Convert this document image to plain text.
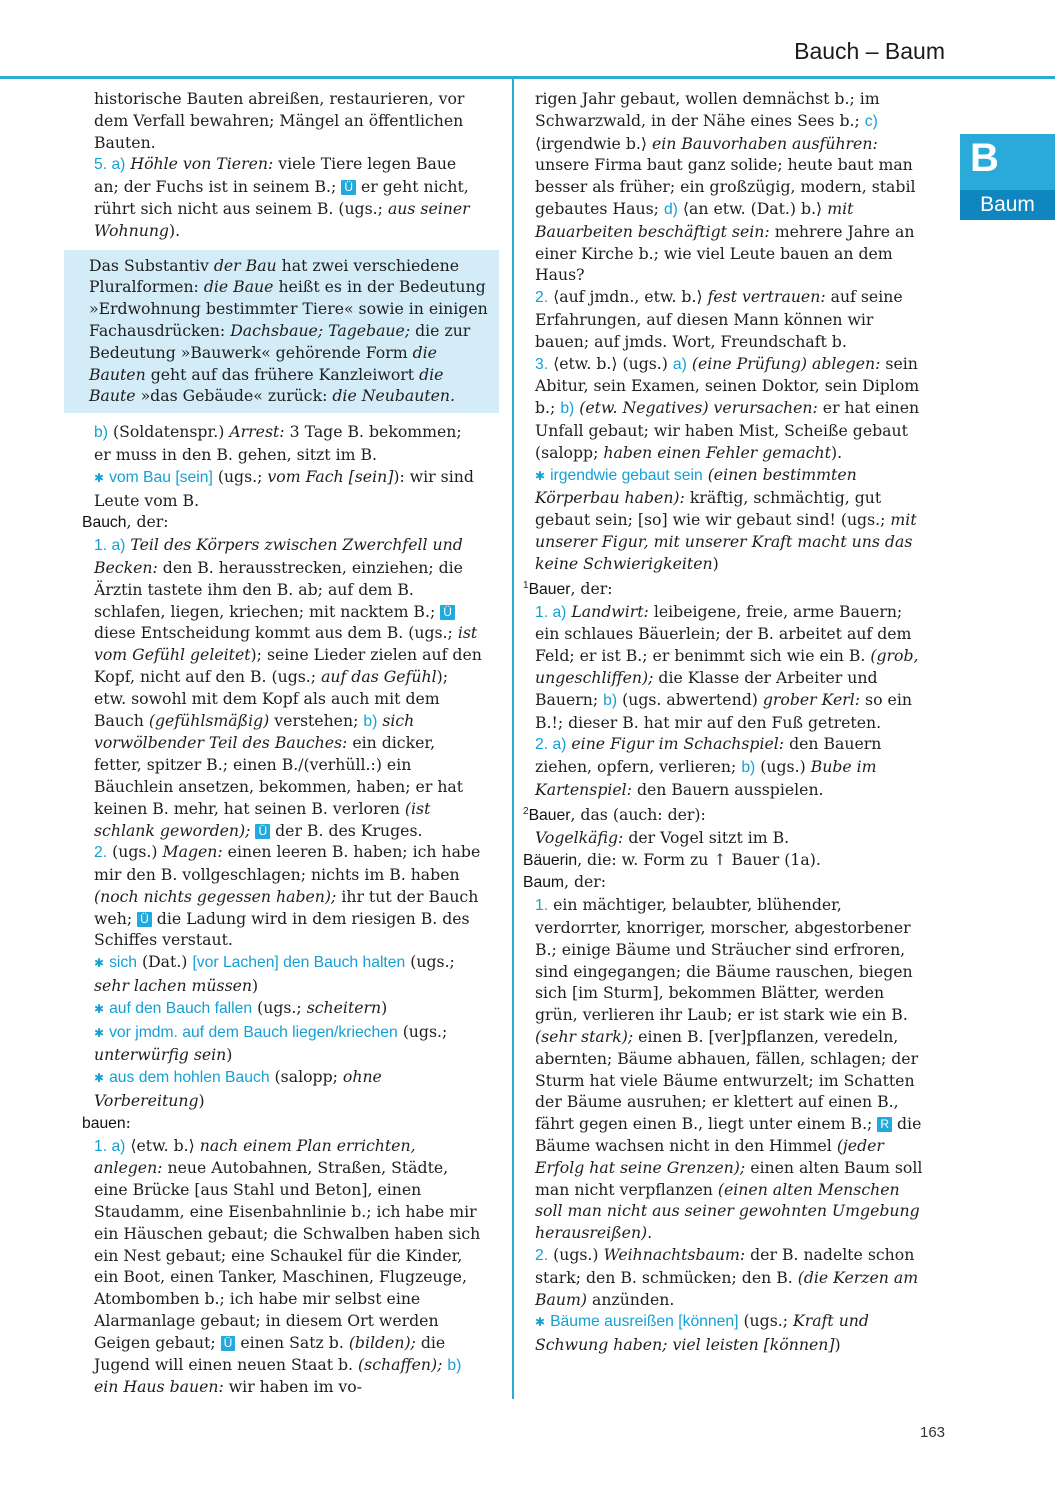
Bauch – Baum
B
Baum

historische Bauten abreißen, restaurieren, vor dem Verfall bewahren; Mängel an öffentlichen Bauten.
5. a) Höhle von Tieren: viele Tiere legen Baue an; der Fuchs ist in seinem B.; Ü er geht nicht, rührt sich nicht aus seinem B. (ugs.; aus seiner Wohnung).

Das Substantiv der Bau hat zwei verschiedene Pluralformen: die Baue heißt es in der Bedeutung »Erdwohnung bestimmter Tiere« sowie in einigen Fachausdrücken: Dachsbaue; Tagebaue; die zur Bedeutung »Bauwerk« gehörende Form die Bauten geht auf das frühere Kanzleiwort die Baute »das Gebäude« zurück: die Neubauten.

b) (Soldatenspr.) Arrest: 3 Tage B. bekommen; er muss in den B. gehen, sitzt im B.
✱ vom Bau [sein] (ugs.; vom Fach [sein]): wir sind Leute vom B.

Bauch, der:

1. a) Teil des Körpers zwischen Zwerchfell und Becken: den B. herausstrecken, einziehen; die Ärztin tastete ihm den B. ab; auf dem B. schlafen, liegen, kriechen; mit nacktem B.; Ü diese Entscheidung kommt aus dem B. (ugs.; ist vom Gefühl geleitet); seine Lieder zielen auf den Kopf, nicht auf den B. (ugs.; auf das Gefühl); etw. sowohl mit dem Kopf als auch mit dem Bauch (gefühlsmäßig) verstehen; b) sich vorwölbender Teil des Bauches: ein dicker, fetter, spitzer B.; einen B./(verhüll.:) ein Bäuchlein ansetzen, bekommen, haben; er hat keinen B. mehr, hat seinen B. verloren (ist schlank geworden); Ü der B. des Kruges.
2. (ugs.) Magen: einen leeren B. haben; ich habe mir den B. vollgeschlagen; nichts im B. haben (noch nichts gegessen haben); ihr tut der Bauch weh; Ü die Ladung wird in dem riesigen B. des Schiffes verstaut.
✱ sich (Dat.) [vor Lachen] den Bauch halten (ugs.; sehr lachen müssen)
✱ auf den Bauch fallen (ugs.; scheitern)
✱ vor jmdm. auf dem Bauch liegen/kriechen (ugs.; unterwürfig sein)
✱ aus dem hohlen Bauch (salopp; ohne Vorbereitung)

bauen:

1. a) ⟨etw. b.⟩ nach einem Plan errichten, anlegen: neue Autobahnen, Straßen, Städte, eine Brücke [aus Stahl und Beton], einen Staudamm, eine Eisenbahnlinie b.; ich habe mir ein Häuschen gebaut; die Schwalben haben sich ein Nest gebaut; eine Schaukel für die Kinder, ein Boot, einen Tanker, Maschinen, Flugzeuge, Atombomben b.; ich habe mir selbst eine Alarmanlage gebaut; in diesem Ort werden Geigen gebaut; Ü einen Satz b. (bilden); die Jugend will einen neuen Staat b. (schaffen); b) ein Haus bauen: wir haben im vo-

rigen Jahr gebaut, wollen demnächst b.; im Schwarzwald, in der Nähe eines Sees b.; c) ⟨irgendwie b.⟩ ein Bauvorhaben ausführen: unsere Firma baut ganz solide; heute baut man besser als früher; ein großzügig, modern, stabil gebautes Haus; d) ⟨an etw. (Dat.) b.⟩ mit Bauarbeiten beschäftigt sein: mehrere Jahre an einer Kirche b.; wie viel Leute bauen an dem Haus?
2. ⟨auf jmdn., etw. b.⟩ fest vertrauen: auf seine Erfahrungen, auf diesen Mann können wir bauen; auf jmds. Wort, Freundschaft b.
3. ⟨etw. b.⟩ (ugs.) a) (eine Prüfung) ablegen: sein Abitur, sein Examen, seinen Doktor, sein Diplom b.; b) (etw. Negatives) verursachen: er hat einen Unfall gebaut; wir haben Mist, Scheiße gebaut (salopp; haben einen Fehler gemacht).
✱ irgendwie gebaut sein (einen bestimmten Körperbau haben): kräftig, schmächtig, gut gebaut sein; [so] wie wir gebaut sind! (ugs.; mit unserer Figur, mit unserer Kraft macht uns das keine Schwierigkeiten)

$^1$Bauer, der:

1. a) Landwirt: leibeigene, freie, arme Bauern; ein schlaues Bäuerlein; der B. arbeitet auf dem Feld; er ist B.; er benimmt sich wie ein B. (grob, ungeschliffen); die Klasse der Arbeiter und Bauern; b) (ugs. abwertend) grober Kerl: so ein B.!; dieser B. hat mir auf den Fuß getreten.
2. a) eine Figur im Schachspiel: den Bauern ziehen, opfern, verlieren; b) (ugs.) Bube im Kartenspiel: den Bauern ausspielen.

$^2$Bauer, das (auch: der):

Vogelkäfig: der Vogel sitzt im B.

Bäuerin, die: w. Form zu ↑ Bauer (1a).

Baum, der:

1. ein mächtiger, belaubter, blühender, verdorrter, knorriger, morscher, abgestorbener B.; einige Bäume und Sträucher sind erfroren, sind eingegangen; die Bäume rauschen, biegen sich [im Sturm], bekommen Blätter, werden grün, verlieren ihr Laub; er ist stark wie ein B. (sehr stark); einen B. [ver]pflanzen, veredeln, abernten; Bäume abhauen, fällen, schlagen; der Sturm hat viele Bäume entwurzelt; im Schatten der Bäume ausruhen; er klettert auf einen B., fährt gegen einen B., liegt unter einem B.; R die Bäume wachsen nicht in den Himmel (jeder Erfolg hat seine Grenzen); einen alten Baum soll man nicht verpflanzen (einen alten Menschen soll man nicht aus seiner gewohnten Umgebung herausreißen).
2. (ugs.) Weihnachtsbaum: der B. nadelte schon stark; den B. schmücken; den B. (die Kerzen am Baum) anzünden.
✱ Bäume ausreißen [können] (ugs.; Kraft und Schwung haben; viel leisten [können])

163
